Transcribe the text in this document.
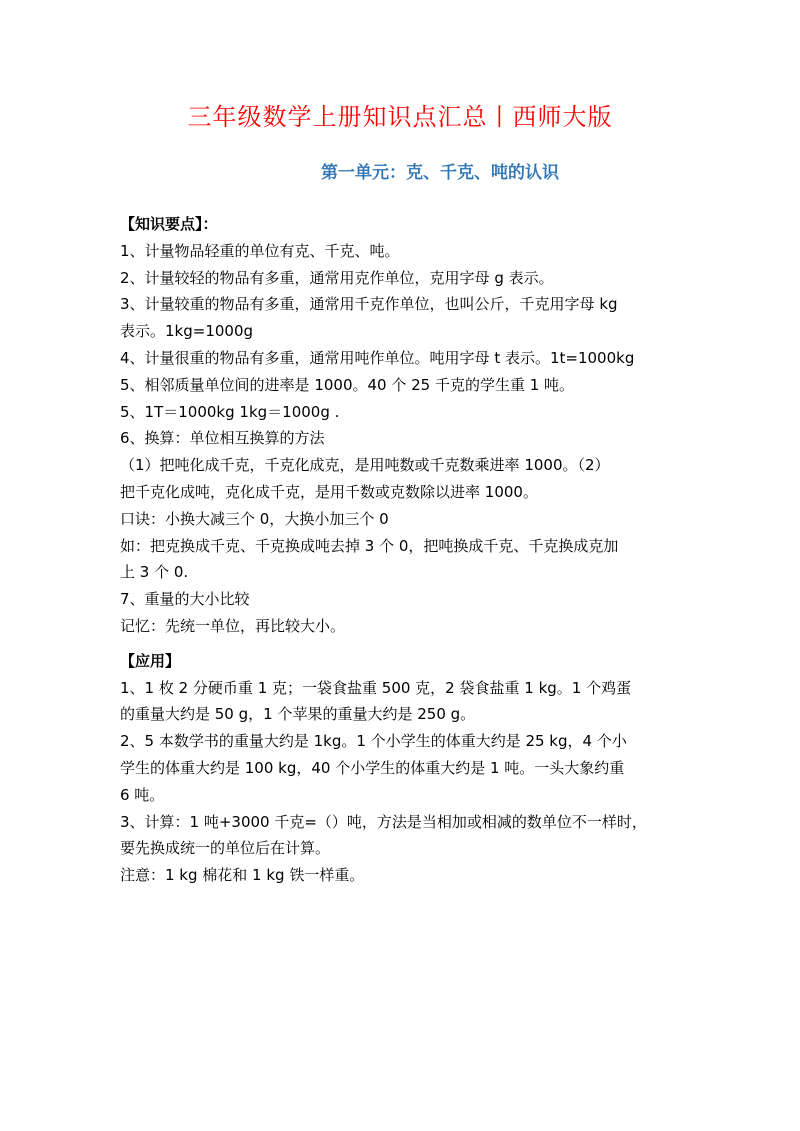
三年级数学上册知识点汇总丨西师大版
第一单元：克、千克、吨的认识
【知识要点】：
1、计量物品轻重的单位有克、千克、吨。
2、计量较轻的物品有多重，通常用克作单位，克用字母 g 表示。
3、计量较重的物品有多重，通常用千克作单位，也叫公斤，千克用字母 kg
表示。1kg=1000g
4、计量很重的物品有多重，通常用吨作单位。吨用字母 t 表示。1t=1000kg
5、相邻质量单位间的进率是 1000。40 个 25 千克的学生重 1 吨。
5、1T＝1000kg 1kg＝1000g .
6、换算：单位相互换算的方法
（1）把吨化成千克，千克化成克，是用吨数或千克数乘进率 1000。（2）
把千克化成吨，克化成千克，是用千数或克数除以进率 1000。
口诀：小换大减三个 0，大换小加三个 0
如：把克换成千克、千克换成吨去掉 3 个 0，把吨换成千克、千克换成克加
上 3 个 0.
7、重量的大小比较
记忆：先统一单位，再比较大小。
【应用】
1、1 枚 2 分硬币重 1 克；一袋食盐重 500 克，2 袋食盐重 1 kg。1 个鸡蛋
的重量大约是 50 g，1 个苹果的重量大约是 250 g。
2、5 本数学书的重量大约是 1kg。1 个小学生的体重大约是 25 kg，4 个小
学生的体重大约是 100 kg，40 个小学生的体重大约是 1 吨。一头大象约重
6 吨。
3、计算：1 吨+3000 千克=（）吨，方法是当相加或相减的数单位不一样时，
要先换成统一的单位后在计算。
注意：1 kg 棉花和 1 kg 铁一样重。
